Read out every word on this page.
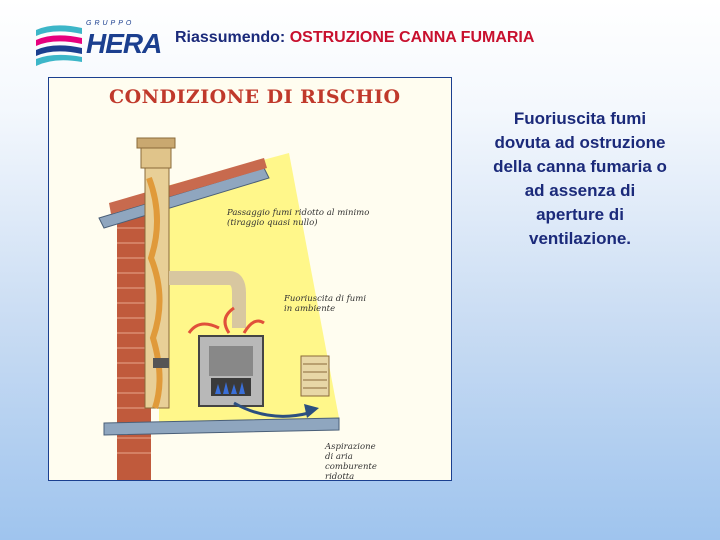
GRUPPO
HERA Riassumendo: OSTRUZIONE CANNA FUMARIA
CONDIZIONE DI RISCHIO
Passaggio fumi ridotto al minimo
(tiraggio quasi nullo)
Fuoriuscita di fumi
in ambiente
Aspirazione
di aria
comburente
ridotta
Fuoriuscita fumi
dovuta ad ostruzione
della canna fumaria o
ad assenza di
aperture di
ventilazione.
